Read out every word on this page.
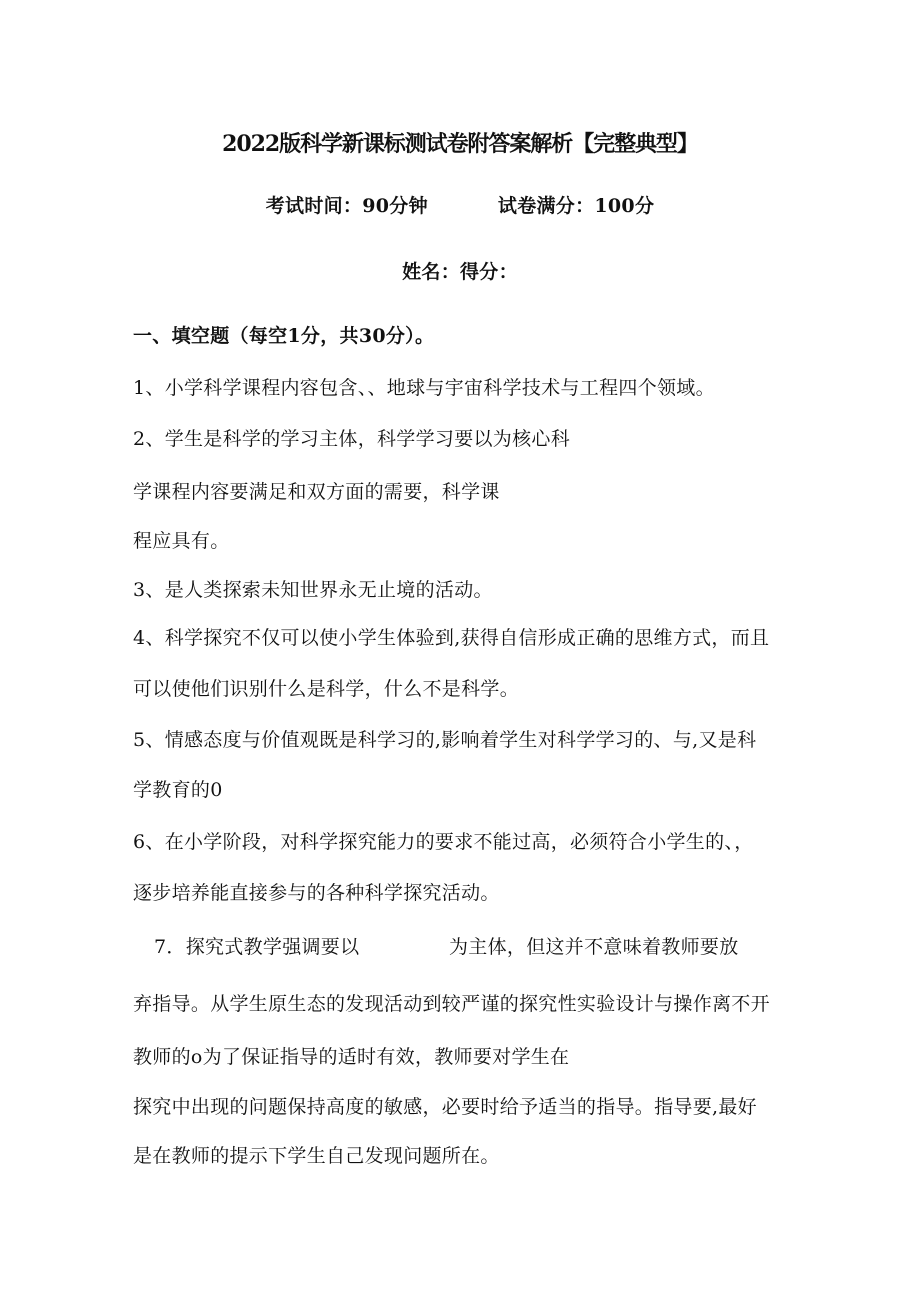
2022版科学新课标测试卷附答案解析【完整典型】
考试时间：90分钟	试卷满分：100分
姓名：得分：
一、填空题（每空1分，共30分）。
1、小学科学课程内容包含、、地球与宇宙科学技术与工程四个领域。
2、学生是科学的学习主体，科学学习要以为核心科
学课程内容要满足和双方面的需要，科学课
程应具有。
3、是人类探索未知世界永无止境的活动。
4、科学探究不仅可以使小学生体验到,获得自信形成正确的思维方式，而且
可以使他们识别什么是科学，什么不是科学。
5、情感态度与价值观既是科学习的,影响着学生对科学学习的、与,又是科
学教育的0
6、在小学阶段，对科学探究能力的要求不能过高，必须符合小学生的、，
逐步培养能直接参与的各种科学探究活动。
7．探究式教学强调要以	为主体，但这并不意味着教师要放
弃指导。从学生原生态的发现活动到较严谨的探究性实验设计与操作离不开
教师的o为了保证指导的适时有效，教师要对学生在
探究中出现的问题保持高度的敏感，必要时给予适当的指导。指导要,最好
是在教师的提示下学生自己发现问题所在。
